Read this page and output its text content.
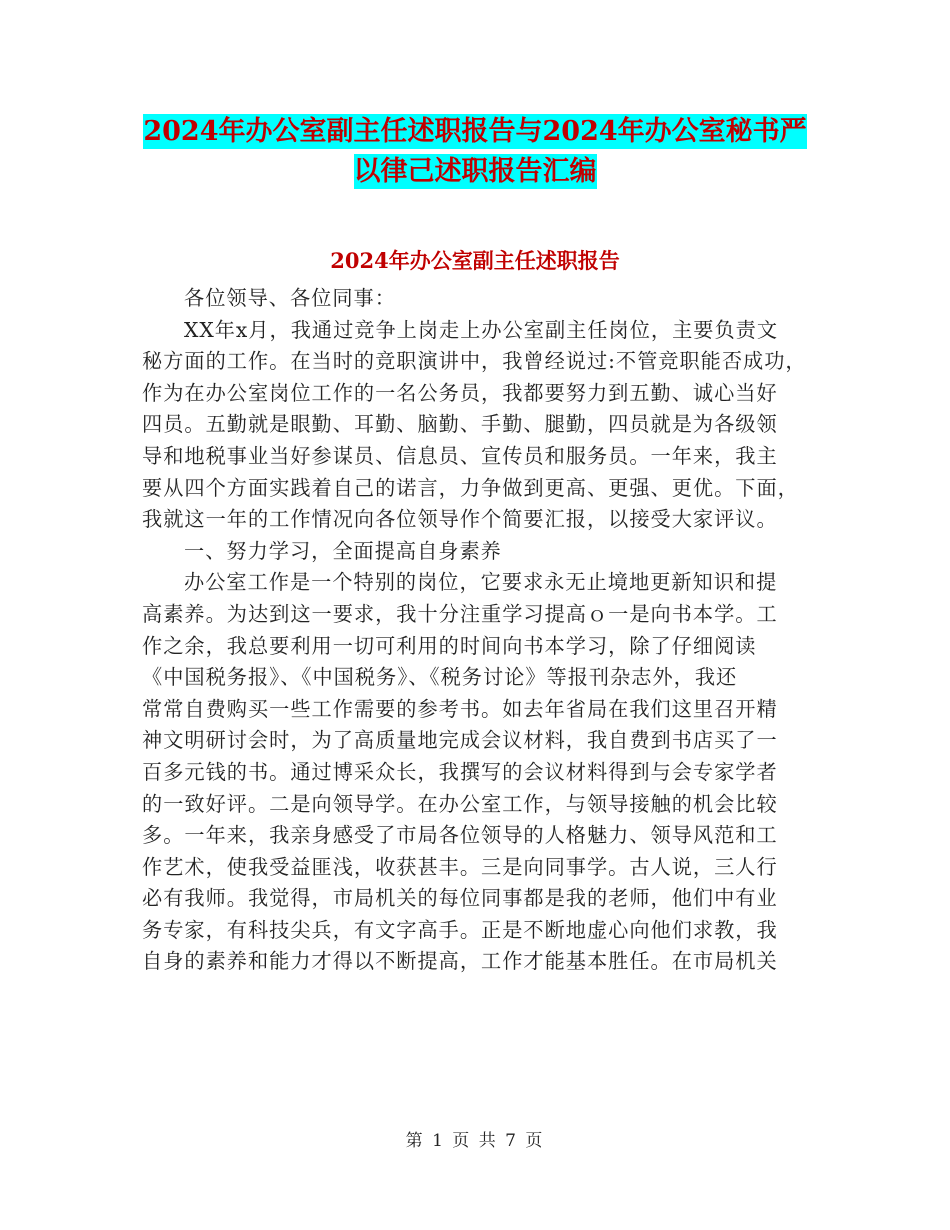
2024年办公室副主任述职报告与2024年办公室秘书严
以律己述职报告汇编
2024年办公室副主任述职报告
各位领导、各位同事：
XX年x月，我通过竞争上岗走上办公室副主任岗位，主要负责文
秘方面的工作。在当时的竞职演讲中，我曾经说过:不管竞职能否成功，
作为在办公室岗位工作的一名公务员，我都要努力到五勤、诚心当好
四员。五勤就是眼勤、耳勤、脑勤、手勤、腿勤，四员就是为各级领
导和地税事业当好参谋员、信息员、宣传员和服务员。一年来，我主
要从四个方面实践着自己的诺言，力争做到更高、更强、更优。下面，
我就这一年的工作情况向各位领导作个简要汇报，以接受大家评议。
一、努力学习，全面提高自身素养
办公室工作是一个特别的岗位，它要求永无止境地更新知识和提
高素养。为达到这一要求，我十分注重学习提高ｏ一是向书本学。工
作之余，我总要利用一切可利用的时间向书本学习，除了仔细阅读
《中国税务报》、《中国税务》、《税务讨论》等报刊杂志外，我还
常常自费购买一些工作需要的参考书。如去年省局在我们这里召开精
神文明研讨会时，为了高质量地完成会议材料，我自费到书店买了一
百多元钱的书。通过博采众长，我撰写的会议材料得到与会专家学者
的一致好评。二是向领导学。在办公室工作，与领导接触的机会比较
多。一年来，我亲身感受了市局各位领导的人格魅力、领导风范和工
作艺术，使我受益匪浅，收获甚丰。三是向同事学。古人说，三人行
必有我师。我觉得，市局机关的每位同事都是我的老师，他们中有业
务专家，有科技尖兵，有文字高手。正是不断地虚心向他们求教，我
自身的素养和能力才得以不断提高，工作才能基本胜任。在市局机关
第 1 页 共 7 页
